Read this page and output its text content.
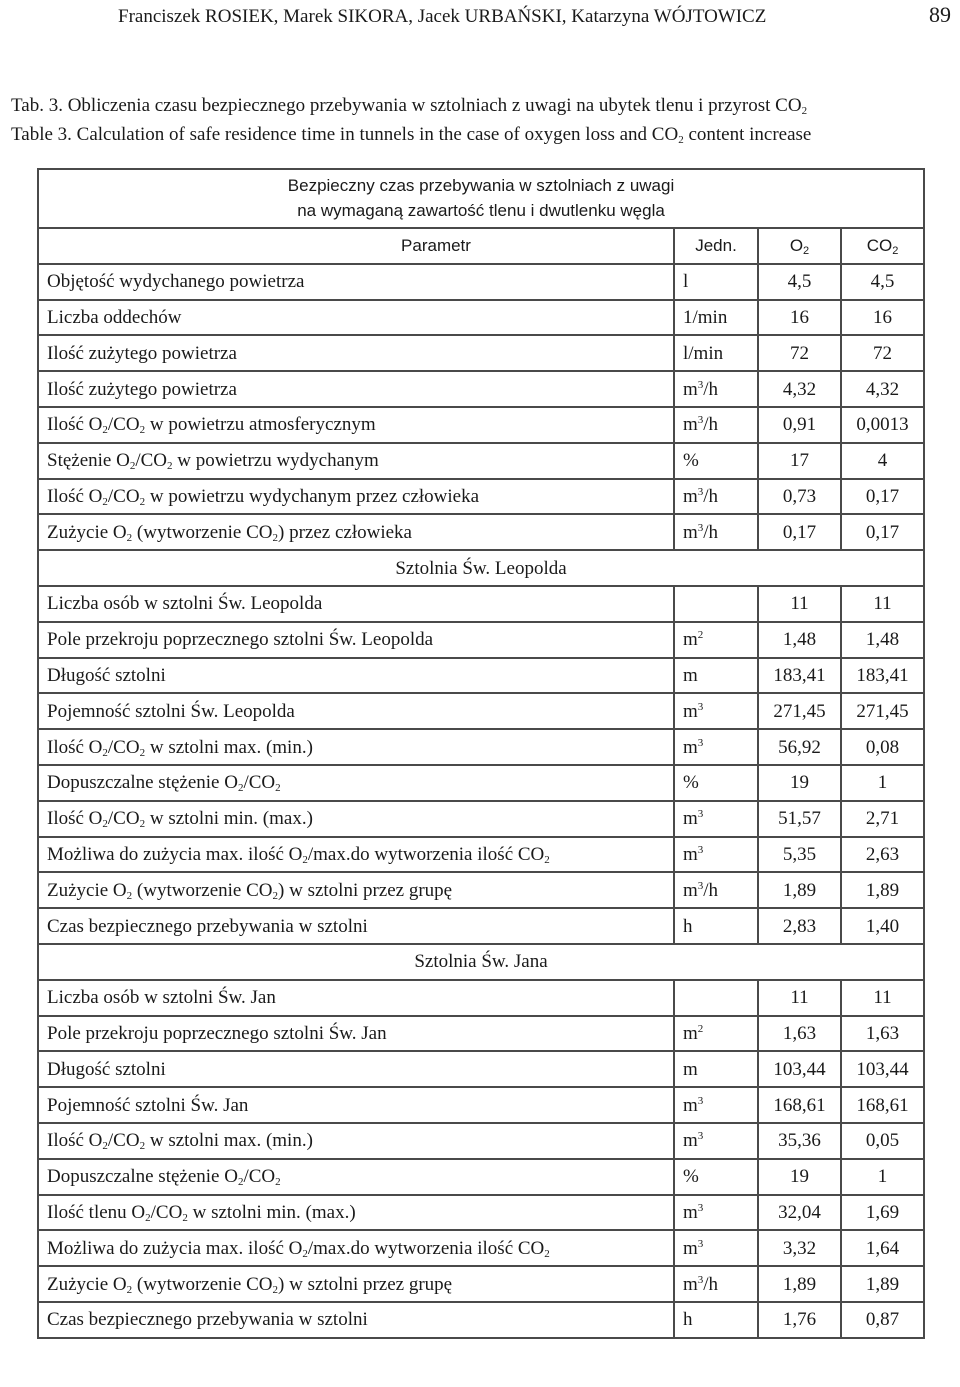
Franciszek ROSIEK, Marek SIKORA, Jacek URBAŃSKI, Katarzyna WÓJTOWICZ	89
Tab. 3. Obliczenia czasu bezpiecznego przebywania w sztolniach z uwagi na ubytek tlenu i przyrost $CO_2$
Table 3. Calculation of safe residence time in tunnels in the case of oxygen loss and $CO_2$ content increase
Bezpieczny czas przebywania w sztolniach z uwagi
na wymaganą zawartość tlenu i dwutlenku węgla			

Parametr	Jedn.	$O_2$	$CO_2$
Objętość wydychanego powietrza	l	4,5	4,5
Liczba oddechów	1/min	16	16
Ilość zużytego powietrza	l/min	72	72
Ilość zużytego powietrza	$m^3/h$	4,32	4,32
Ilość $O_2/CO_2$ w powietrzu atmosferycznym	$m^3/h$	0,91	0,0013
Stężenie $O_2/CO_2$ w powietrzu wydychanym	%	17	4
Ilość $O_2/CO_2$ w powietrzu wydychanym przez człowieka	$m^3/h$	0,73	0,17
Zużycie $O_2$ (wytworzenie $CO_2$) przez człowieka	$m^3/h$	0,17	0,17
Sztolnia Św. Leopolda			
Liczba osób w sztolni Św. Leopolda		11	11
Pole przekroju poprzecznego sztolni Św. Leopolda	$m^2$	1,48	1,48
Długość sztolni	m	183,41	183,41
Pojemność sztolni Św. Leopolda	$m^3$	271,45	271,45
Ilość $O_2/CO_2$ w sztolni max. (min.)	$m^3$	56,92	0,08
Dopuszczalne stężenie $O_2/CO_2$	%	19	1
Ilość $O_2/CO_2$ w sztolni min. (max.)	$m^3$	51,57	2,71
Możliwa do zużycia max. ilość $O_2/\max.do$ wytworzenia ilość $CO_2$	$m^3$	5,35	2,63
Zużycie $O_2$ (wytworzenie $CO_2$) w sztolni przez grupę	$m^3/h$	1,89	1,89
Czas bezpiecznego przebywania w sztolni	h	2,83	1,40
Sztolnia Św. Jana			
Liczba osób w sztolni Św. Jan		11	11
Pole przekroju poprzecznego sztolni Św. Jan	$m^2$	1,63	1,63
Długość sztolni	m	103,44	103,44
Pojemność sztolni Św. Jan	$m^3$	168,61	168,61
Ilość $O_2/CO_2$ w sztolni max. (min.)	$m^3$	35,36	0,05
Dopuszczalne stężenie $O_2/CO_2$	%	19	1
Ilość tlenu $O_2/CO_2$ w sztolni min. (max.)	$m^3$	32,04	1,69
Możliwa do zużycia max. ilość $O_2/\max.do$ wytworzenia ilość $CO_2$	$m^3$	3,32	1,64
Zużycie $O_2$ (wytworzenie $CO_2$) w sztolni przez grupę	$m^3/h$	1,89	1,89
Czas bezpiecznego przebywania w sztolni	h	1,76	0,87
